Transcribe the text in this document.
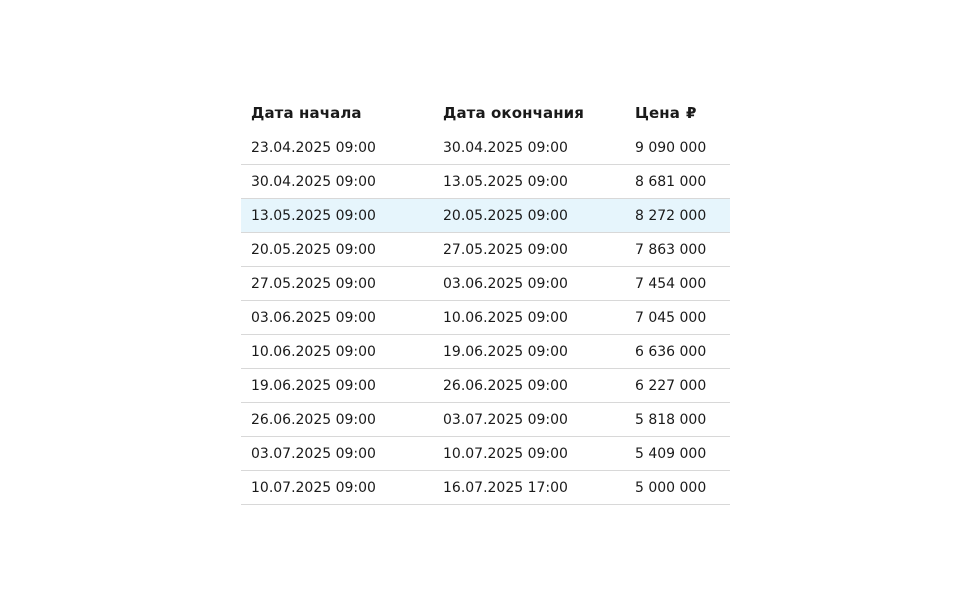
Дата начала	Дата окончания	Цена ₽
23.04.2025 09:00	30.04.2025 09:00	9 090 000
30.04.2025 09:00	13.05.2025 09:00	8 681 000
13.05.2025 09:00	20.05.2025 09:00	8 272 000
20.05.2025 09:00	27.05.2025 09:00	7 863 000
27.05.2025 09:00	03.06.2025 09:00	7 454 000
03.06.2025 09:00	10.06.2025 09:00	7 045 000
10.06.2025 09:00	19.06.2025 09:00	6 636 000
19.06.2025 09:00	26.06.2025 09:00	6 227 000
26.06.2025 09:00	03.07.2025 09:00	5 818 000
03.07.2025 09:00	10.07.2025 09:00	5 409 000
10.07.2025 09:00	16.07.2025 17:00	5 000 000
